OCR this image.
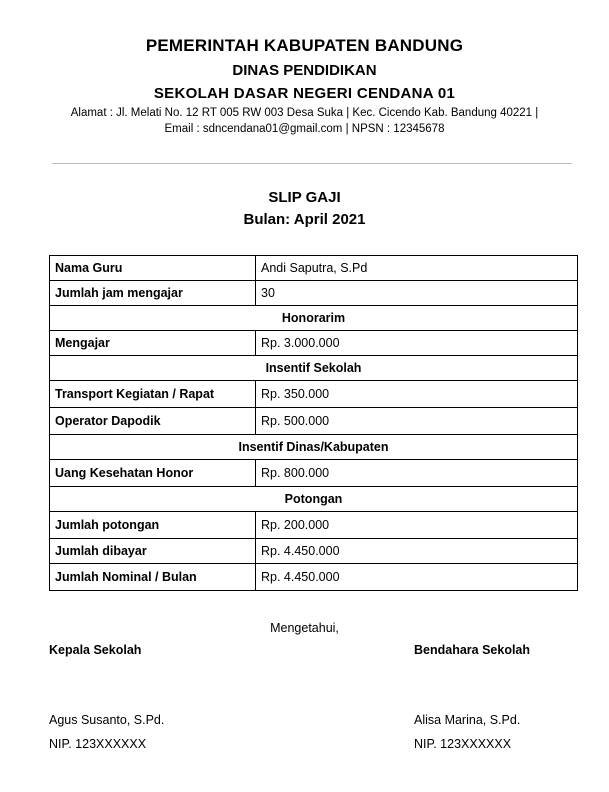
PEMERINTAH KABUPATEN BANDUNG
DINAS PENDIDIKAN
SEKOLAH DASAR NEGERI CENDANA 01
Alamat : Jl. Melati No. 12 RT 005 RW 003 Desa Suka | Kec. Cicendo Kab. Bandung 40221 |
Email : sdncendana01@gmail.com | NPSN : 12345678
SLIP GAJI
Bulan: April 2021
Nama Guru	Andi Saputra, S.Pd
Jumlah jam mengajar	30
Honorarim	
Mengajar	Rp. 3.000.000
Insentif Sekolah	
Transport Kegiatan / Rapat	Rp. 350.000
Operator Dapodik	Rp. 500.000
Insentif Dinas/Kabupaten	
Uang Kesehatan Honor	Rp. 800.000
Potongan	
Jumlah potongan	Rp. 200.000
Jumlah dibayar	Rp. 4.450.000
Jumlah Nominal / Bulan	Rp. 4.450.000
Mengetahui,
Kepala Sekolah	Bendahara Sekolah
Agus Susanto, S.Pd.
NIP. 123XXXXXX
Alisa Marina, S.Pd.
NIP. 123XXXXXX
